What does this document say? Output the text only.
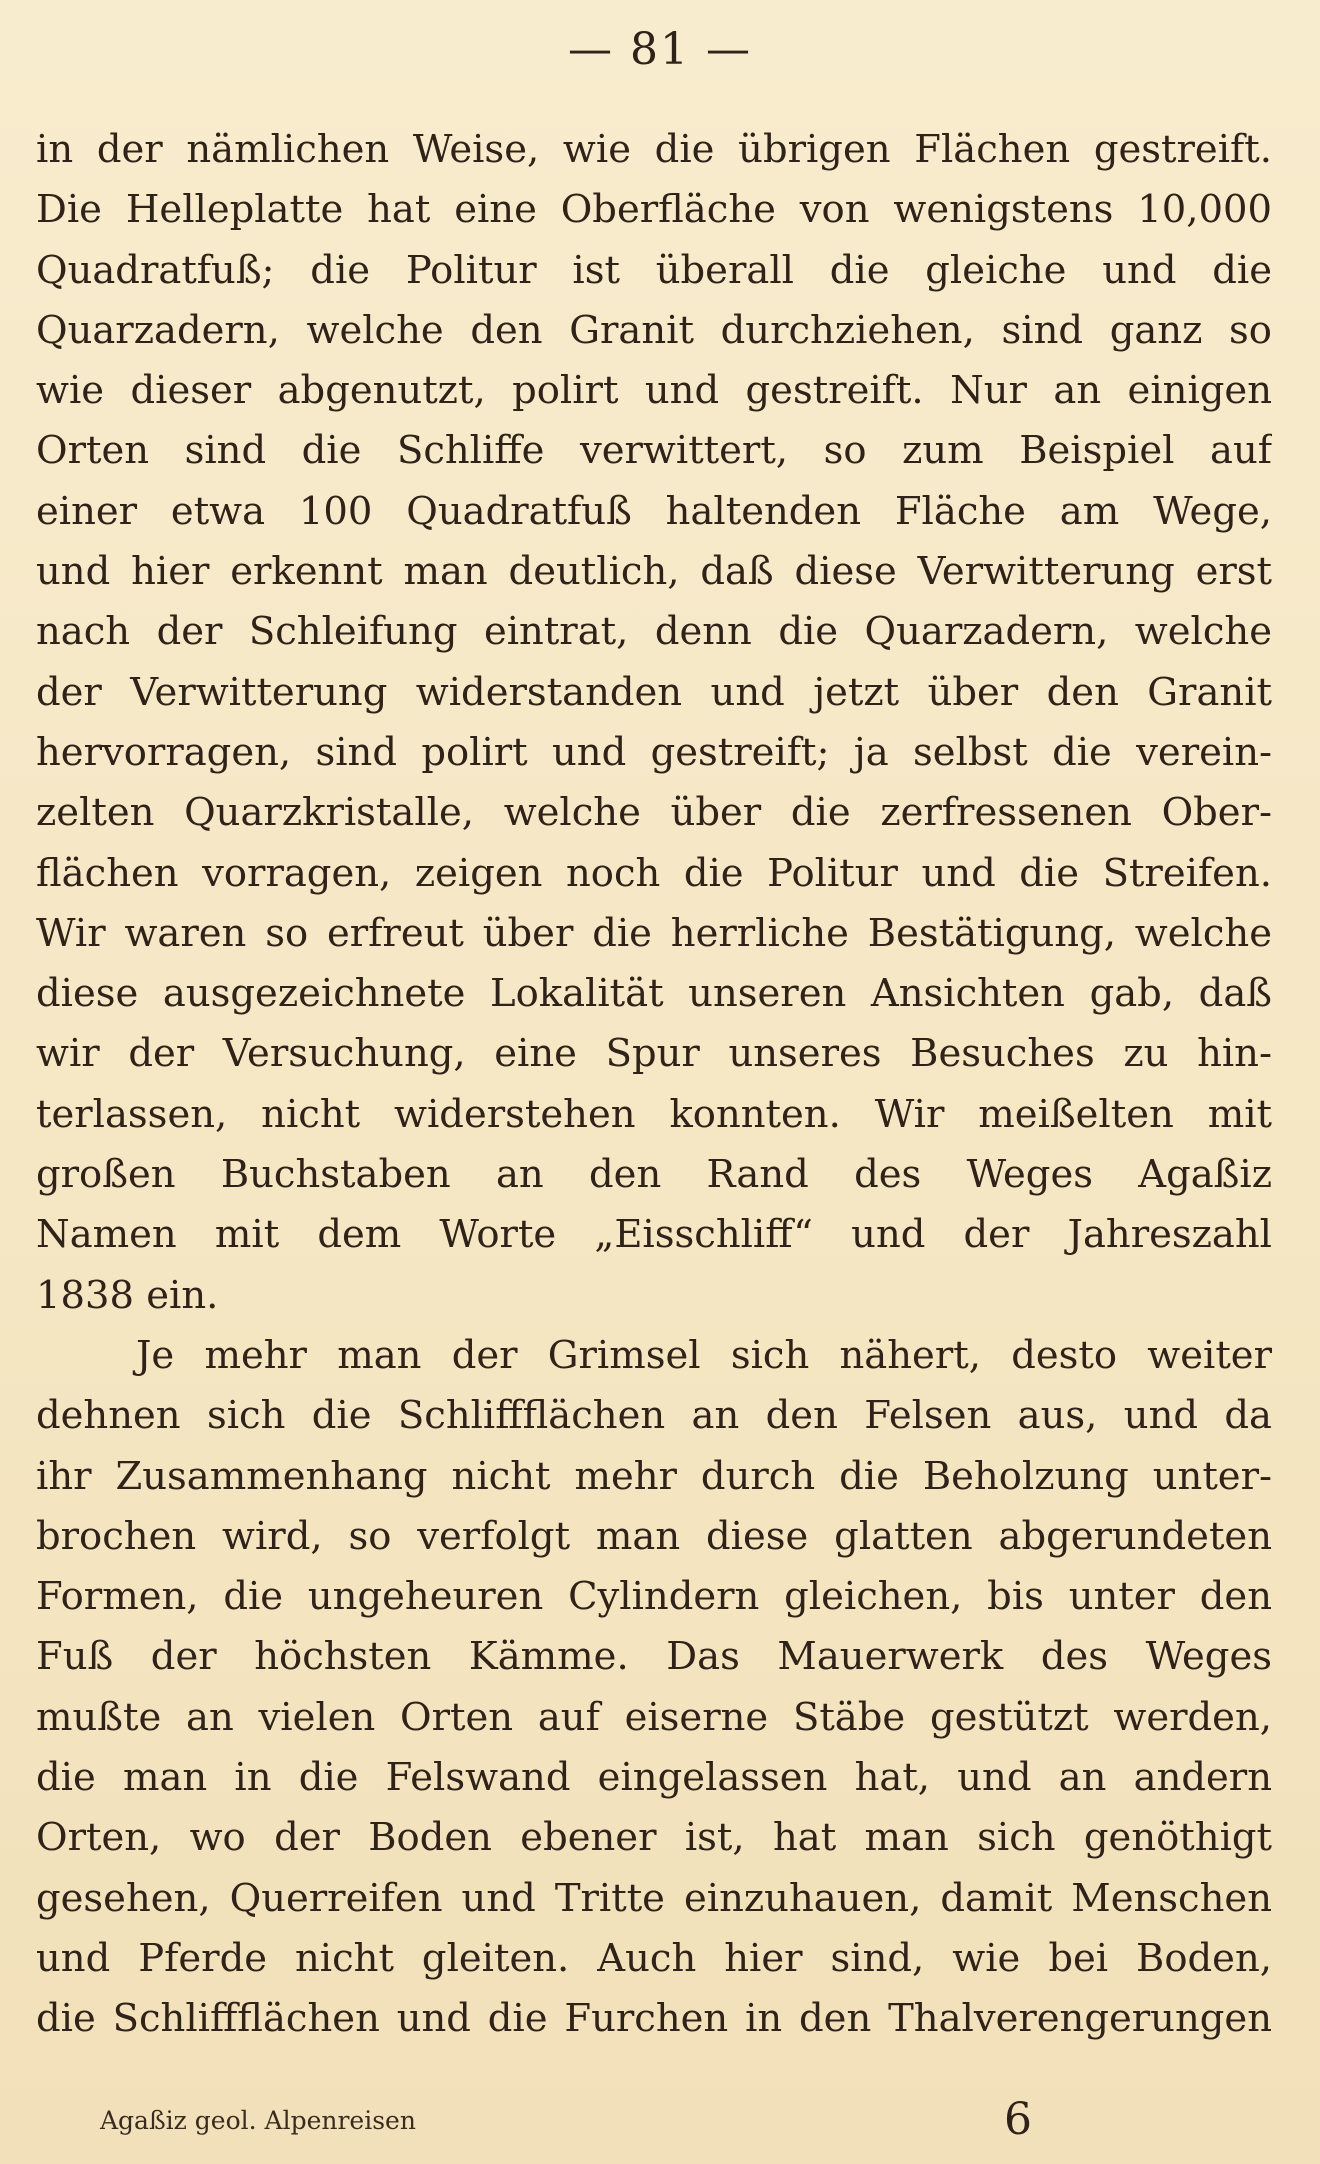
— 81 —
in der nämlichen Weise, wie die übrigen Flächen gestreift.
Die Helleplatte hat eine Oberfläche von wenigstens 10,000
Quadratfuß; die Politur ist überall die gleiche und die
Quarzadern, welche den Granit durchziehen, sind ganz so
wie dieser abgenutzt, polirt und gestreift. Nur an einigen
Orten sind die Schliffe verwittert, so zum Beispiel auf
einer etwa 100 Quadratfuß haltenden Fläche am Wege,
und hier erkennt man deutlich, daß diese Verwitterung erst
nach der Schleifung eintrat, denn die Quarzadern, welche
der Verwitterung widerstanden und jetzt über den Granit
hervorragen, sind polirt und gestreift; ja selbst die verein-
zelten Quarzkristalle, welche über die zerfressenen Ober-
flächen vorragen, zeigen noch die Politur und die Streifen.
Wir waren so erfreut über die herrliche Bestätigung, welche
diese ausgezeichnete Lokalität unseren Ansichten gab, daß
wir der Versuchung, eine Spur unseres Besuches zu hin-
terlassen, nicht widerstehen konnten. Wir meißelten mit
großen Buchstaben an den Rand des Weges Agaßiz
Namen mit dem Worte „Eisschliff“ und der Jahreszahl
1838 ein.
Je mehr man der Grimsel sich nähert, desto weiter
dehnen sich die Schliffflächen an den Felsen aus, und da
ihr Zusammenhang nicht mehr durch die Beholzung unter-
brochen wird, so verfolgt man diese glatten abgerundeten
Formen, die ungeheuren Cylindern gleichen, bis unter den
Fuß der höchsten Kämme. Das Mauerwerk des Weges
mußte an vielen Orten auf eiserne Stäbe gestützt werden,
die man in die Felswand eingelassen hat, und an andern
Orten, wo der Boden ebener ist, hat man sich genöthigt
gesehen, Querreifen und Tritte einzuhauen, damit Menschen
und Pferde nicht gleiten. Auch hier sind, wie bei Boden,
die Schliffflächen und die Furchen in den Thalverengerungen
Agaßiz geol. Alpenreisen	6
